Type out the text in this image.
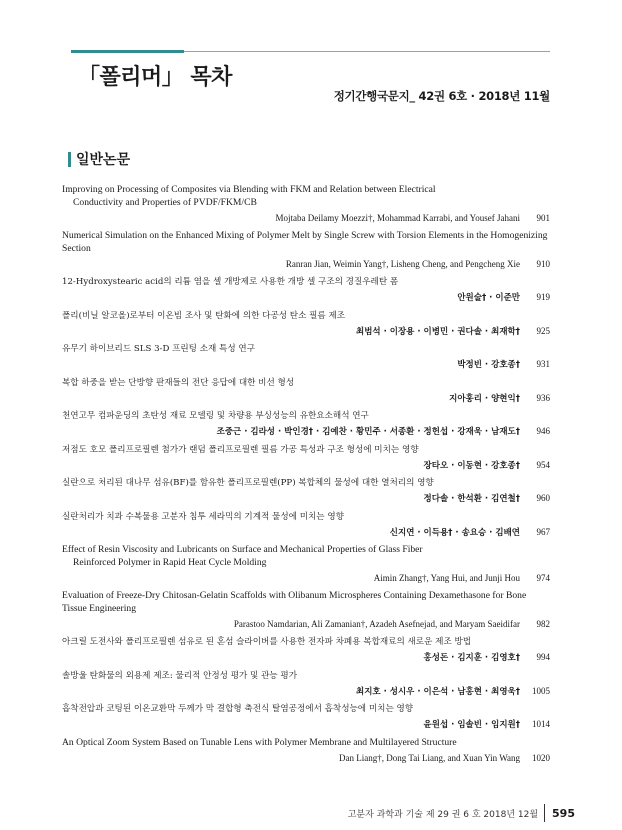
「폴리머」 목차
정기간행국문지_ 42권 6호 · 2018년 11월
일반논문
Improving on Processing of Composites via Blending with FKM and Relation between Electrical
Conductivity and Properties of PVDF/FKM/CB
Mojtaba Deilamy Moezzi†, Mohammad Karrabi, and Yousef Jahani	901
Numerical Simulation on the Enhanced Mixing of Polymer Melt by Single Screw with Torsion Elements in the Homogenizing Section
Ranran Jian, Weimin Yang†, Lisheng Cheng, and Pengcheng Xie	910
12-Hydroxystearic acid의 리튬 염을 셀 개방제로 사용한 개방 셀 구조의 경질우레탄 폼
안원술† · 이준만	919
폴리(비닐 알코올)로부터 이온빔 조사 및 탄화에 의한 다공성 탄소 필름 제조
최범석 · 이장용 · 이병민 · 권다솔 · 최재학†	925
유무기 하이브리드 SLS 3-D 프린팅 소재 특성 연구
박정빈 · 강호종†	931
복합 하중을 받는 단방향 판재들의 전단 응답에 대한 비선 형성
지아훙리 · 양현익†	936
천연고무 컴파운딩의 초탄성 재료 모델링 및 차량용 부싱성능의 유한요소해석 연구
조중근 · 김라성 · 박인경† · 김예찬 · 황민주 · 서종환 · 정헌섭 · 강재욱 · 남재도†	946
저점도 호모 폴리프로필렌 첨가가 랜덤 폴리프로필렌 필름 가공 특성과 구조 형성에 미치는 영향
장타오 · 이동현 · 강호종†	954
실란으로 처리된 대나무 섬유(BF)를 함유한 폴리프로필렌(PP) 복합체의 물성에 대한 열처리의 영향
정다솔 · 한석환 · 김연철†	960
실란처리가 치과 수복물용 고분자 침투 세라믹의 기계적 물성에 미치는 영향
신지연 · 이득용† · 송요승 · 김배연	967
Effect of Resin Viscosity and Lubricants on Surface and Mechanical Properties of Glass Fiber
Reinforced Polymer in Rapid Heat Cycle Molding
Aimin Zhang†, Yang Hui, and Junji Hou	974
Evaluation of Freeze-Dry Chitosan-Gelatin Scaffolds with Olibanum Microspheres Containing Dexamethasone for Bone Tissue Engineering
Parastoo Namdarian, Ali Zamanian†, Azadeh Asefnejad, and Maryam Saeidifar	982
아크릴 도전사와 폴리프로필렌 섬유로 된 혼섬 슬라이버를 사용한 전자파 차폐용 복합재료의 새로운 제조 방법
홍성돈 · 김지훈 · 김영호†	994
솔방울 탄화물의 외용제 제조: 물리적 안정성 평가 및 관능 평가
최지호 · 성시우 · 이은석 · 남홍현 · 최영욱†	1005
흡착전압과 코팅된 이온교환막 두께가 막 결합형 축전식 탈염공정에서 흡착성능에 미치는 영향
윤원섭 · 임솔빈 · 임지원†	1014
An Optical Zoom System Based on Tunable Lens with Polymer Membrane and Multilayered Structure
Dan Liang†, Dong Tai Liang, and Xuan Yin Wang	1020
고분자 과학과 기술 제 29 권 6 호 2018년 12월 595
